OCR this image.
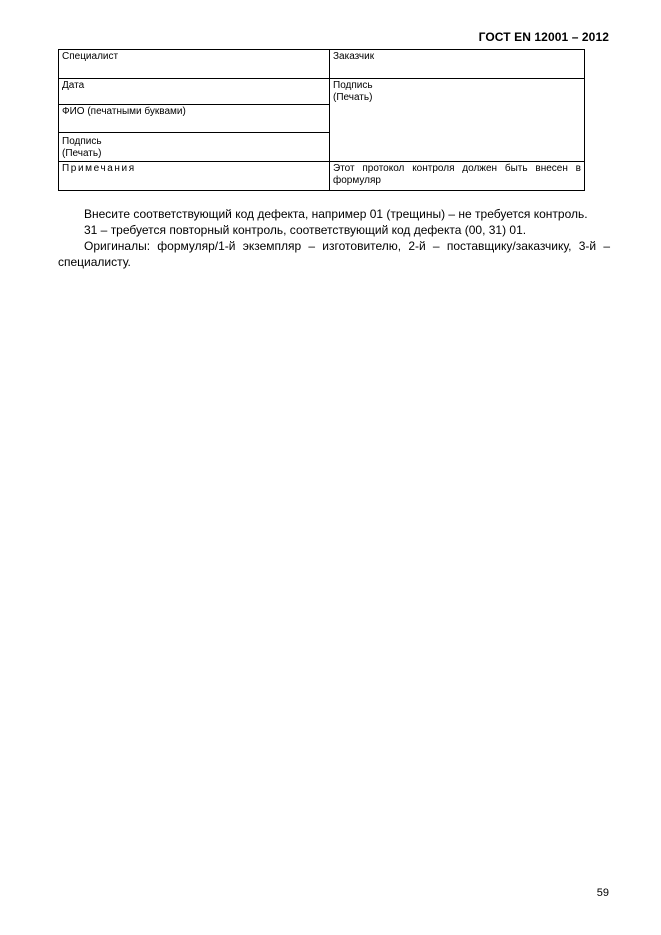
ГОСТ EN 12001 – 2012
Специалист	Заказчик
Дата	Подпись
(Печать)

ФИО (печатными буквами)	

Подпись
(Печать)	

Примечания	Этот протокол контроля должен быть внесен в формуляр

Внесите соответствующий код дефекта, например 01 (трещины) – не требуется контроль.

31 – требуется повторный контроль, соответствующий код дефекта (00, 31) 01.

Оригиналы: формуляр/1-й экземпляр – изготовителю, 2-й – поставщику/заказчику, 3-й – специалисту.

59
